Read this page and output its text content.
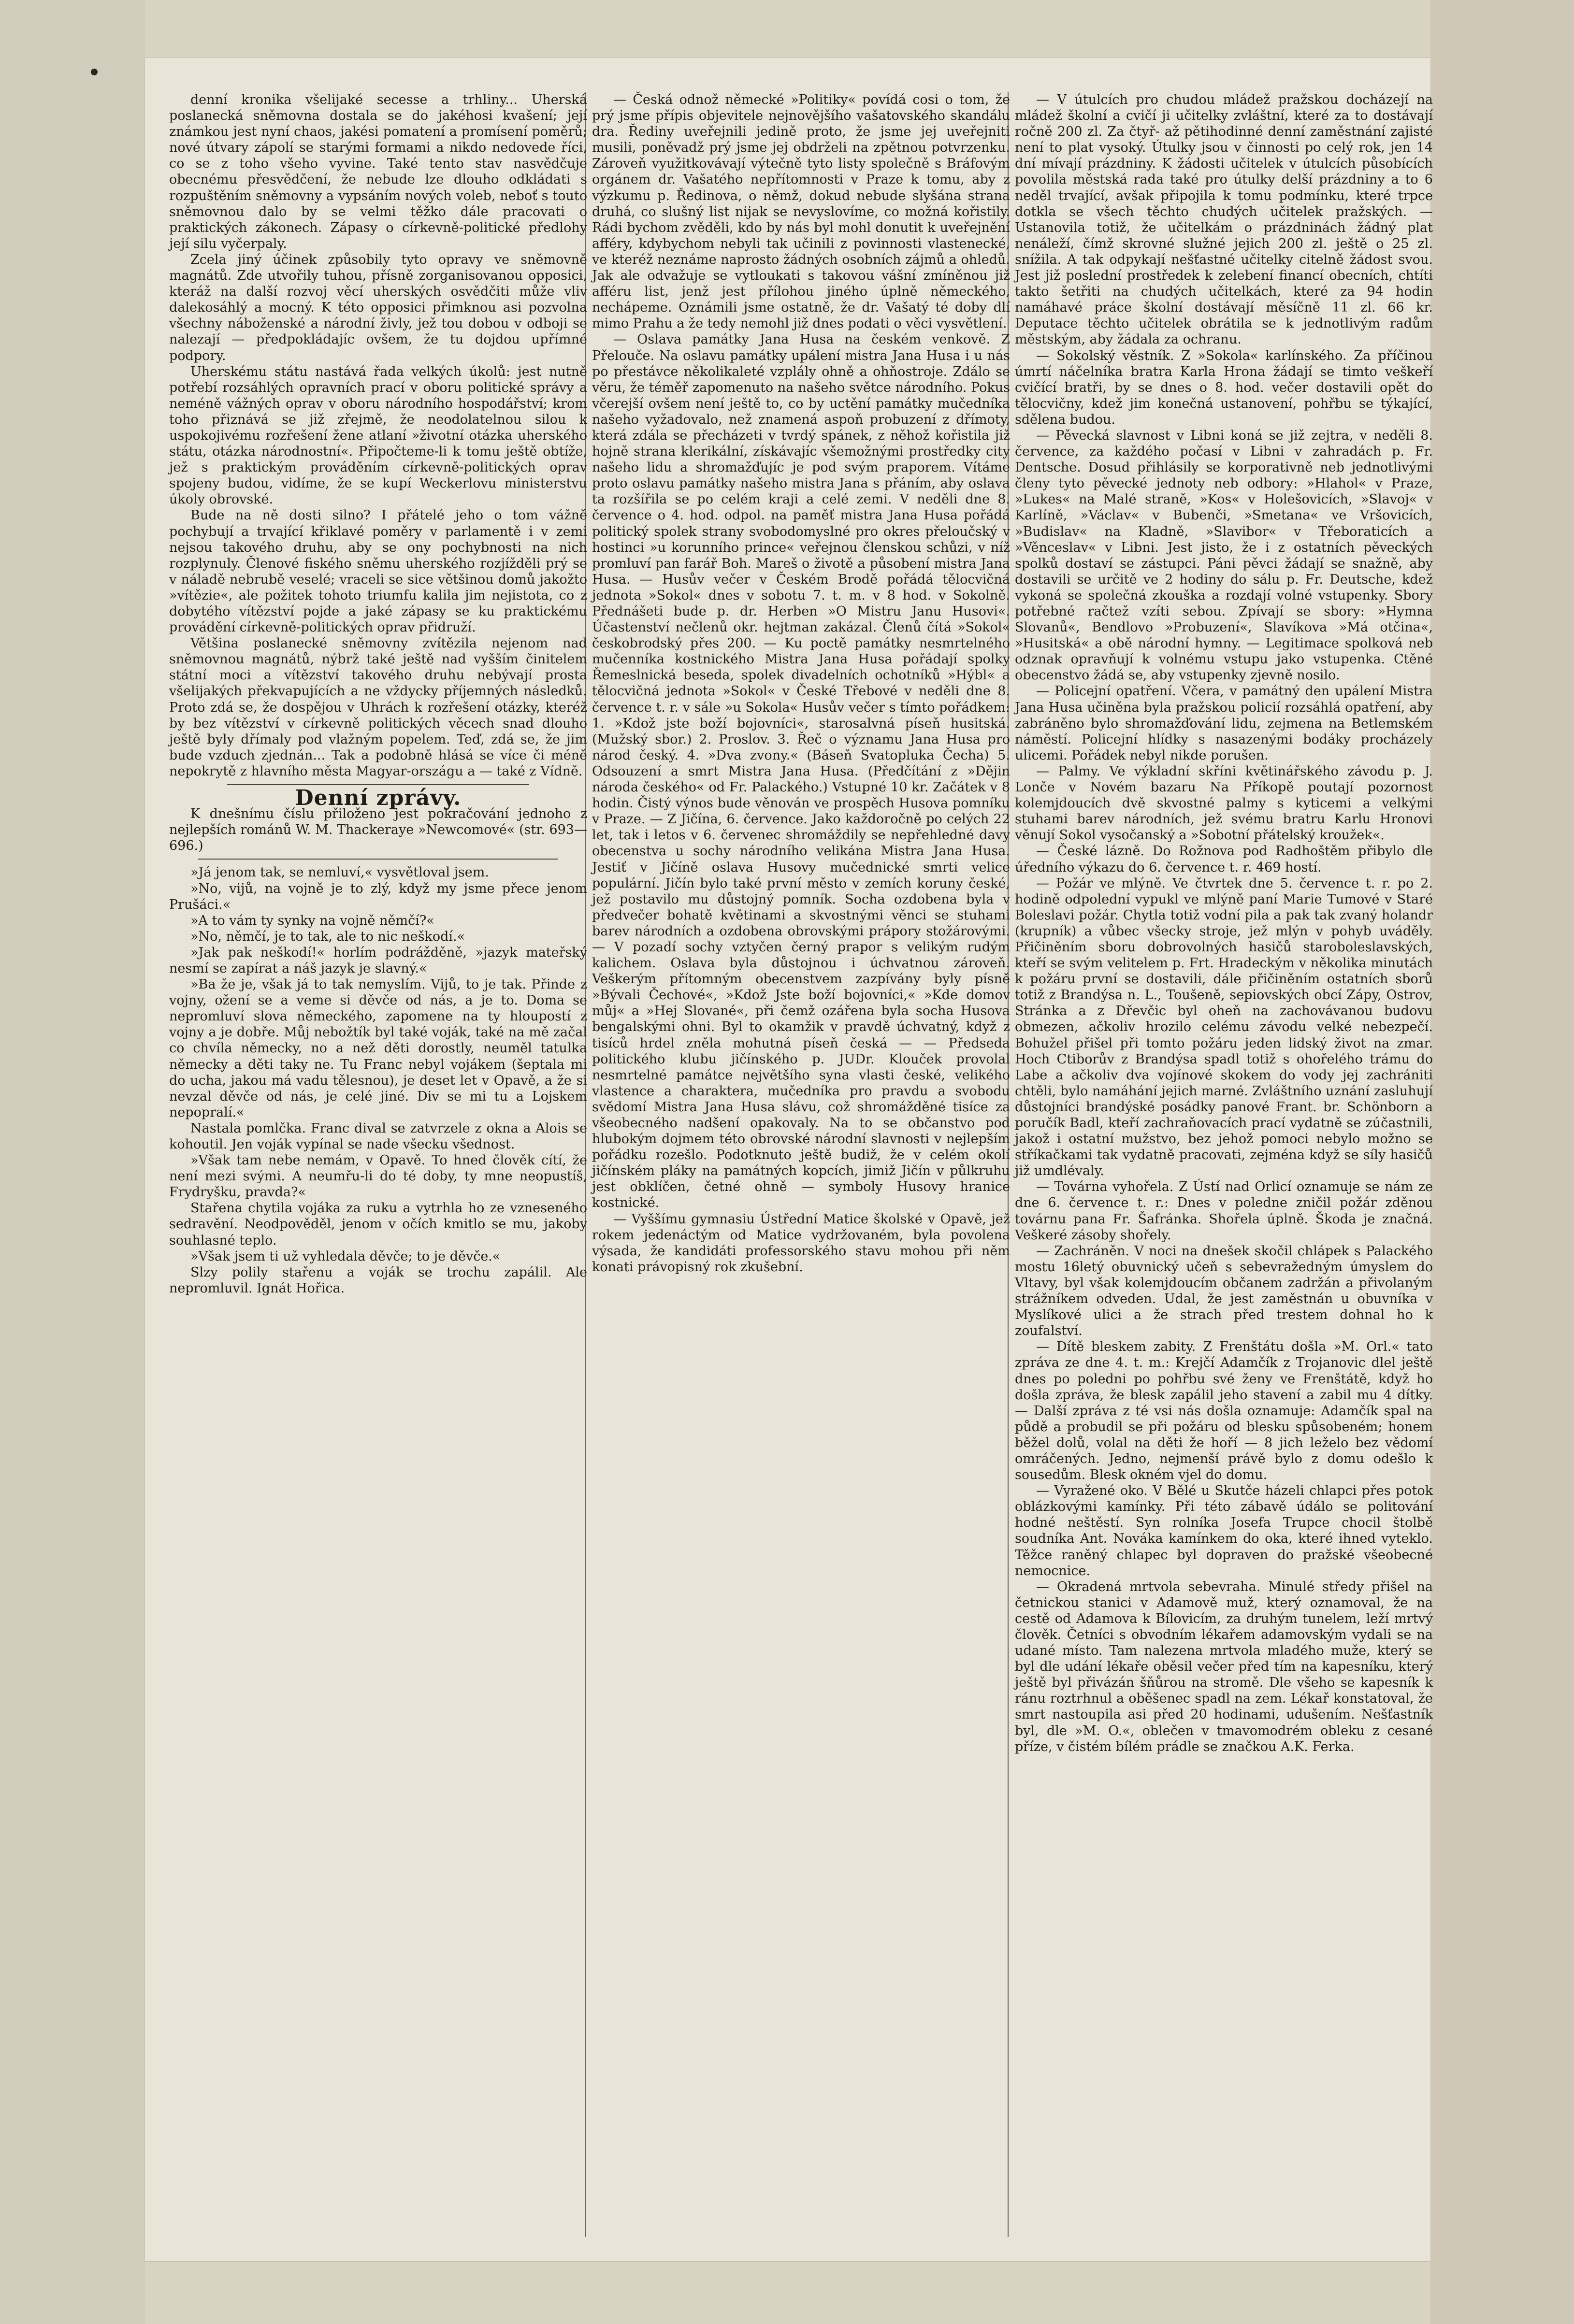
denní kronika všelijaké secesse a trhliny... Uherská poslanecká sněmovna dostala se do jakéhosi kvašení; její známkou jest nyní chaos, jakési pomatení a promísení poměrů; nové útvary zápolí se starými formami a nikdo nedovede říci, co se z toho všeho vyvine. Také tento stav nasvědčuje obecnému přesvědčení, že nebude lze dlouho odkládati s rozpuštěním sněmovny a vypsáním nových voleb, neboť s touto sněmovnou dalo by se velmi těžko dále pracovati o praktických zákonech. Zápasy o církevně-politické předlohy její silu vyčerpaly.

Zcela jiný účinek způsobily tyto opravy ve sněmovně magnátů. Zde utvořily tuhou, přísně zorganisovanou opposici, kteráž na další rozvoj věcí uherských osvědčiti může vliv dalekosáhlý a mocný. K této opposici přimknou asi pozvolna všechny náboženské a národní živly, jež tou dobou v odboji se nalezají — předpokládajíc ovšem, že tu dojdou upřímné podpory.

Uherskému státu nastává řada velkých úkolů: jest nutně potřebí rozsáhlých opravních prací v oboru politické správy a neméně vážných oprav v oboru národního hospodářství; krom toho přiznává se již zřejmě, že neodolatelnou silou k uspokojivému rozřešení žene atlaní »životní otázka uherského státu, otázka národnostní«. Připočteme-li k tomu ještě obtíže, jež s praktickým prováděním církevně-politických oprav spojeny budou, vidíme, že se kupí Weckerlovu ministerstvu úkoly obrovské.

Bude na ně dosti silno? I přátelé jeho o tom vážně pochybují a trvající křiklavé poměry v parlamentě i v zemi nejsou takového druhu, aby se ony pochybnosti na nich rozplynuly. Členové fiského sněmu uherského rozjížděli prý se v náladě nebrubě veselé; vraceli se sice většinou domů jakožto »vítězie«, ale požitek tohoto triumfu kalila jim nejistota, co z dobytého vítězství pojde a jaké zápasy se ku praktickému provádění církevně-politických oprav přidruží.

Většina poslanecké sněmovny zvítězila nejenom nad sněmovnou magnátů, nýbrž také ještě nad vyšším činitelem státní moci a vítězství takového druhu nebývají prosta všelijakých překvapujících a ne vždycky příjemných následků. Proto zdá se, že dospějou v Uhrách k rozřešení otázky, kteréž by bez vítězství v církevně politických věcech snad dlouho ještě byly dřímaly pod vlažným popelem. Teď, zdá se, že jim bude vzduch zjednán... Tak a podobně hlásá se více či méně nepokrytě z hlavního města Magyar-országu a — také z Vídně.

Denní zprávy.

K dnešnímu číslu přiloženo jest pokračování jednoho z nejlepších románů W. M. Thackeraye »Newcomové« (str. 693—696.)

»Já jenom tak, se nemluví,« vysvětloval jsem.

»No, vijů, na vojně je to zlý, když my jsme přece jenom Prušáci.«

»A to vám ty synky na vojně němčí?«

»No, němčí, je to tak, ale to nic neškodí.«

»Jak pak neškodí!« horlím podrážděně, »jazyk mateřský nesmí se zapírat a náš jazyk je slavný.«

»Ba že je, však já to tak nemyslím. Vijů, to je tak. Přinde z vojny, ožení se a veme si děvče od nás, a je to. Doma se nepromluví slova německého, zapomene na ty hloupostí z vojny a je dobře. Můj nebožtík byl také voják, také na mě začal co chvíla německy, no a než děti dorostly, neuměl tatulka německy a děti taky ne. Tu Franc nebyl vojákem (šeptala mi do ucha, jakou má vadu tělesnou), je deset let v Opavě, a že si nevzal děvče od nás, je celé jiné. Div se mi tu a Lojskem nepopralí.«

Nastala pomlčka. Franc dival se zatvrzele z okna a Alois se kohoutil. Jen voják vypínal se nade všecku všednost.

»Však tam nebe nemám, v Opavě. To hned člověk cítí, že není mezi svými. A neumřu-li do té doby, ty mne neopustíš, Frydryšku, pravda?«

Stařena chytila vojáka za ruku a vytrhla ho ze vzneseného sedravění. Neodpověděl, jenom v očích kmitlo se mu, jakoby souhlasné teplo.

»Však jsem ti už vyhledala děvče; to je děvče.«

Slzy polily stařenu a voják se trochu zapálil. Ale nepromluvil. Ignát Hořica.

— Česká odnož německé »Politiky« povídá cosi o tom, že prý jsme přípis objevitele nejnovějšího vašatovského skandálu dra. Řediny uveřejnili jedině proto, že jsme jej uveřejniti musili, poněvadž prý jsme jej obdrželi na zpětnou potvrzenku. Zároveň využitkovávají výtečně tyto listy společně s Bráfovým orgánem dr. Vašatého nepřítomnosti v Praze k tomu, aby z výzkumu p. Ředinova, o němž, dokud nebude slyšána strana druhá, co slušný list nijak se nevyslovíme, co možná kořistily. Rádi bychom zvěděli, kdo by nás byl mohl donutit k uveřejnění afféry, kdybychom nebyli tak učinili z povinnosti vlastenecké, ve kteréž neznáme naprosto žádných osobních zájmů a ohledů. Jak ale odvažuje se vytloukati s takovou vášní zmíněnou již afféru list, jenž jest přílohou jiného úplně německého, nechápeme. Oznámili jsme ostatně, že dr. Vašatý té doby dlí mimo Prahu a že tedy nemohl již dnes podati o věci vysvětlení.

— Oslava památky Jana Husa na českém venkově. Z Přelouče. Na oslavu památky upálení mistra Jana Husa i u nás po přestávce několikaleté vzplály ohně a ohňostroje. Zdálo se věru, že téměř zapomenuto na našeho světce národního. Pokus včerejší ovšem není ještě to, co by uctění památky mučedníka našeho vyžadovalo, než znamená aspoň probuzení z dřímoty, která zdála se přecházeti v tvrdý spánek, z něhož kořistila již hojně strana klerikální, získávajíc všemožnými prostředky city našeho lidu a shromažďujíc je pod svým praporem. Vítáme proto oslavu památky našeho mistra Jana s přáním, aby oslava ta rozšířila se po celém kraji a celé zemi. V neděli dne 8. července o 4. hod. odpol. na paměť mistra Jana Husa pořádá politický spolek strany svobodomyslné pro okres přeloučský v hostinci »u korunního prince« veřejnou členskou schůzi, v níž promluví pan farář Boh. Mareš o životě a působení mistra Jana Husa. — Husův večer v Českém Brodě pořádá tělocvičná jednota »Sokol« dnes v sobotu 7. t. m. v 8 hod. v Sokolně. Přednášeti bude p. dr. Herben »O Mistru Janu Husovi«. Účastenství nečlenů okr. hejtman zakázal. Členů čítá »Sokol« českobrodský přes 200. — Ku poctě památky nesmrtelného mučenníka kostnického Mistra Jana Husa pořádají spolky Řemeslnická beseda, spolek divadelních ochotníků »Hýbl« a tělocvičná jednota »Sokol« v České Třebové v neděli dne 8. července t. r. v sále »u Sokola« Husův večer s tímto pořádkem: 1. »Kdož jste boží bojovníci«, starosalvná píseň husitská. (Mužský sbor.) 2. Proslov. 3. Řeč o významu Jana Husa pro národ český. 4. »Dva zvony.« (Báseň Svatopluka Čecha) 5. Odsouzení a smrt Mistra Jana Husa. (Předčítání z »Dějin národa českého« od Fr. Palackého.) Vstupné 10 kr. Začátek v 8 hodin. Čistý výnos bude věnován ve prospěch Husova pomníku v Praze. — Z Jičína, 6. července. Jako každoročně po celých 22 let, tak i letos v 6. červenec shromáždily se nepřehledné davy obecenstva u sochy národního velikána Mistra Jana Husa. Jestiť v Jičíně oslava Husovy mučednické smrti velice populární. Jičín bylo také první město v zemích koruny české, jež postavilo mu důstojný pomník. Socha ozdobena byla v předvečer bohatě květinami a skvostnými věnci se stuhami barev národních a ozdobena obrovskými prápory stožárovými. — V pozadí sochy vztyčen černý prapor s velikým rudým kalichem. Oslava byla důstojnou i úchvatnou zároveň. Veškerým přítomným obecenstvem zazpívány byly písně »Bývali Čechové«, »Kdož Jste boží bojovníci,« »Kde domov můj« a »Hej Slované«, při čemž ozářena byla socha Husova bengalskými ohni. Byl to okamžik v pravdě úchvatný, když z tisíců hrdel zněla mohutná píseň česká — — Předseda politického klubu jičínského p. JUDr. Klouček provolal nesmrtelné památce největšího syna vlasti české, velikého vlastence a charaktera, mučedníka pro pravdu a svobodu svědomí Mistra Jana Husa slávu, což shromážděné tisíce za všeobecného nadšení opakovaly. Na to se občanstvo pod hlubokým dojmem této obrovské národní slavnosti v nejlepším pořádku rozešlo. Podotknuto ještě budiž, že v celém okolí jičínském pláky na památných kopcích, jimiž Jičín v půlkruhu jest obklíčen, četné ohně — symboly Husovy hranice kostnické.

— Vyššímu gymnasiu Ústřední Matice školské v Opavě, jež rokem jedenáctým od Matice vydržovaném, byla povolena výsada, že kandidáti professorského stavu mohou při něm konati právopisný rok zkušební.

— V útulcích pro chudou mládež pražskou docházejí na mládež školní a cvičí ji učitelky zvláštní, které za to dostávají ročně 200 zl. Za čtyř- až pětihodinné denní zaměstnání zajisté není to plat vysoký. Útulky jsou v činnosti po celý rok, jen 14 dní mívají prázdniny. K žádosti učitelek v útulcích působících povolila městská rada také pro útulky delší prázdniny a to 6 neděl trvající, avšak připojila k tomu podmínku, které trpce dotkla se všech těchto chudých učitelek pražských. — Ustanovila totiž, že učitelkám o prázdninách žádný plat nenáleží, čímž skrovné služné jejich 200 zl. ještě o 25 zl. snížila. A tak odpykají nešťastné učitelky citelně žádost svou. Jest již poslední prostředek k zelebení financí obecních, chtíti takto šetřiti na chudých učitelkách, které za 94 hodin namáhavé práce školní dostávají měsíčně 11 zl. 66 kr. Deputace těchto učitelek obrátila se k jednotlivým radům městským, aby žádala za ochranu.

— Sokolský věstník. Z »Sokola« karlínského. Za příčinou úmrtí náčelníka bratra Karla Hrona žádají se timto veškeří cvičící bratři, by se dnes o 8. hod. večer dostavili opět do tělocvičny, kdež jim konečná ustanovení, pohřbu se týkající, sdělena budou.

— Pěvecká slavnost v Libni koná se již zejtra, v neděli 8. července, za každého počasí v Libni v zahradách p. Fr. Dentsche. Dosud přihlásily se korporativně neb jednotlivými členy tyto pěvecké jednoty neb odbory: »Hlahol« v Praze, »Lukes« na Malé straně, »Kos« v Holešovicích, »Slavoj« v Karlíně, »Václav« v Bubenči, »Smetana« ve Vršovicích, »Budislav« na Kladně, »Slavibor« v Třeboraticích a »Věnceslav« v Libni. Jest jisto, že i z ostatních pěveckých spolků dostaví se zástupci. Páni pěvci žádají se snažně, aby dostavili se určitě ve 2 hodiny do sálu p. Fr. Deutsche, kdež vykoná se společná zkouška a rozdají volné vstupenky. Sbory potřebné račtež vzíti sebou. Zpívají se sbory: »Hymna Slovanů«, Bendlovo »Probuzení«, Slavíkova »Má otčina«, »Husitská« a obě národní hymny. — Legitimace spolková neb odznak opravňují k volnému vstupu jako vstupenka. Ctěné obecenstvo žádá se, aby vstupenky zjevně nosilo.

— Policejní opatření. Včera, v památný den upálení Mistra Jana Husa učiněna byla pražskou policií rozsáhlá opatření, aby zabráněno bylo shromažďování lidu, zejmena na Betlemském náměstí. Policejní hlídky s nasazenými bodáky procházely ulicemi. Pořádek nebyl nikde porušen.

— Palmy. Ve výkladní skříni květinářského závodu p. J. Lonče v Novém bazaru Na Příkopě poutají pozornost kolemjdoucích dvě skvostné palmy s kyticemi a velkými stuhami barev národních, jež svému bratru Karlu Hronovi věnují Sokol vysočanský a »Sobotní přátelský kroužek«.

— České lázně. Do Rožnova pod Radhoštěm přibylo dle úředního výkazu do 6. července t. r. 469 hostí.

— Požár ve mlýně. Ve čtvrtek dne 5. července t. r. po 2. hodině odpolední vypukl ve mlýně paní Marie Tumové v Staré Boleslavi požár. Chytla totiž vodní pila a pak tak zvaný holandr (krupník) a vůbec všecky stroje, jež mlýn v pohyb uváděly. Přičiněním sboru dobrovolných hasičů staroboleslavských, kteří se svým velitelem p. Frt. Hradeckým v několika minutách k požáru první se dostavili, dále přičiněním ostatních sborů totiž z Brandýsa n. L., Toušeně, sepiovských obcí Zápy, Ostrov, Stránka a z Dřevčic byl oheň na zachovávanou budovu obmezen, ačkoliv hrozilo celému závodu velké nebezpečí. Bohužel přišel při tomto požáru jeden lidský život na zmar. Hoch Ctiborův z Brandýsa spadl totiž s ohořelého trámu do Labe a ačkoliv dva vojínové skokem do vody jej zachrániti chtěli, bylo namáhání jejich marné. Zvláštního uznání zasluhují důstojníci brandýské posádky panové Frant. br. Schönborn a poručík Badl, kteří zachraňovacích prací vydatně se zúčastnili, jakož i ostatní mužstvo, bez jehož pomoci nebylo možno se stříkačkami tak vydatně pracovati, zejména když se síly hasičů již umdlévaly.

— Továrna vyhořela. Z Ústí nad Orlicí oznamuje se nám ze dne 6. července t. r.: Dnes v poledne zničil požár zděnou továrnu pana Fr. Šafránka. Shořela úplně. Škoda je značná. Veškeré zásoby shořely.

— Zachráněn. V noci na dnešek skočil chlápek s Palackého mostu 16letý obuvnický učeň s sebevražedným úmyslem do Vltavy, byl však kolemjdoucím občanem zadržán a přivolaným strážníkem odveden. Udal, že jest zaměstnán u obuvníka v Myslíkové ulici a že strach před trestem dohnal ho k zoufalství.

— Dítě bleskem zabity. Z Frenštátu došla »M. Orl.« tato zpráva ze dne 4. t. m.: Krejčí Adamčík z Trojanovic dlel ještě dnes po poledni po pohřbu své ženy ve Frenštátě, když ho došla zpráva, že blesk zapálil jeho stavení a zabil mu 4 dítky. — Další zpráva z té vsi nás došla oznamuje: Adamčík spal na půdě a probudil se při požáru od blesku spůsobeném; honem běžel dolů, volal na děti že hoří — 8 jich leželo bez vědomí omráčených. Jedno, nejmenší právě bylo z domu odešlo k sousedům. Blesk okném vjel do domu.

— Vyražené oko. V Bělé u Skutče házeli chlapci přes potok oblázkovými kamínky. Při této zábavě údálo se politování hodné neštěstí. Syn rolníka Josefa Trupce chocil štolbě soudníka Ant. Nováka kamínkem do oka, které ihned vyteklo. Těžce raněný chlapec byl dopraven do pražské všeobecné nemocnice.

— Okradená mrtvola sebevraha. Minulé středy přišel na četnickou stanici v Adamově muž, který oznamoval, že na cestě od Adamova k Bílovicím, za druhým tunelem, leží mrtvý člověk. Četníci s obvodním lékařem adamovským vydali se na udané místo. Tam nalezena mrtvola mladého muže, který se byl dle udání lékaře oběsil večer před tím na kapesníku, který ještě byl přivázán šňůrou na stromě. Dle všeho se kapesník k ránu roztrhnul a oběšenec spadl na zem. Lékař konstatoval, že smrt nastoupila asi před 20 hodinami, udušením. Nešťastník byl, dle »M. O.«, oblečen v tmavomodrém obleku z cesané příze, v čistém bílém prádle se značkou A.K. Ferka.
